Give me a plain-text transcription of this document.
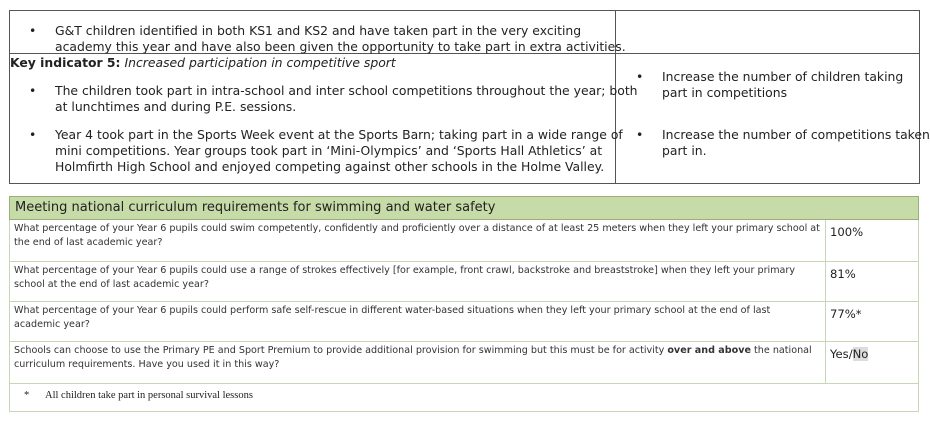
•	G&T children identified in both KS1 and KS2 and have taken part in the very exciting
academy this year and have also been given the opportunity to take part in extra activities.
Key indicator 5: Increased participation in competitive sport
•	The children took part in intra-school and inter school competitions throughout the year; both
at lunchtimes and during P.E. sessions.
•	Year 4 took part in the Sports Week event at the Sports Barn; taking part in a wide range of
mini competitions. Year groups took part in ‘Mini-Olympics’ and ‘Sports Hall Athletics’ at
Holmfirth High School and enjoyed competing against other schools in the Holme Valley.
•	Increase the number of children taking
part in competitions
•	Increase the number of competitions taken
part in.
Meeting national curriculum requirements for swimming and water safety
What percentage of your Year 6 pupils could swim competently, confidently and proficiently over a distance of at least 25 meters when they left your primary school at
the end of last academic year?
100%
What percentage of your Year 6 pupils could use a range of strokes effectively [for example, front crawl, backstroke and breaststroke] when they left your primary
school at the end of last academic year?
81%
What percentage of your Year 6 pupils could perform safe self-rescue in different water-based situations when they left your primary school at the end of last
academic year?
77%*
Schools can choose to use the Primary PE and Sport Premium to provide additional provision for swimming but this must be for activity over and above the national
curriculum requirements. Have you used it in this way?
Yes/No
* All children take part in personal survival lessons
